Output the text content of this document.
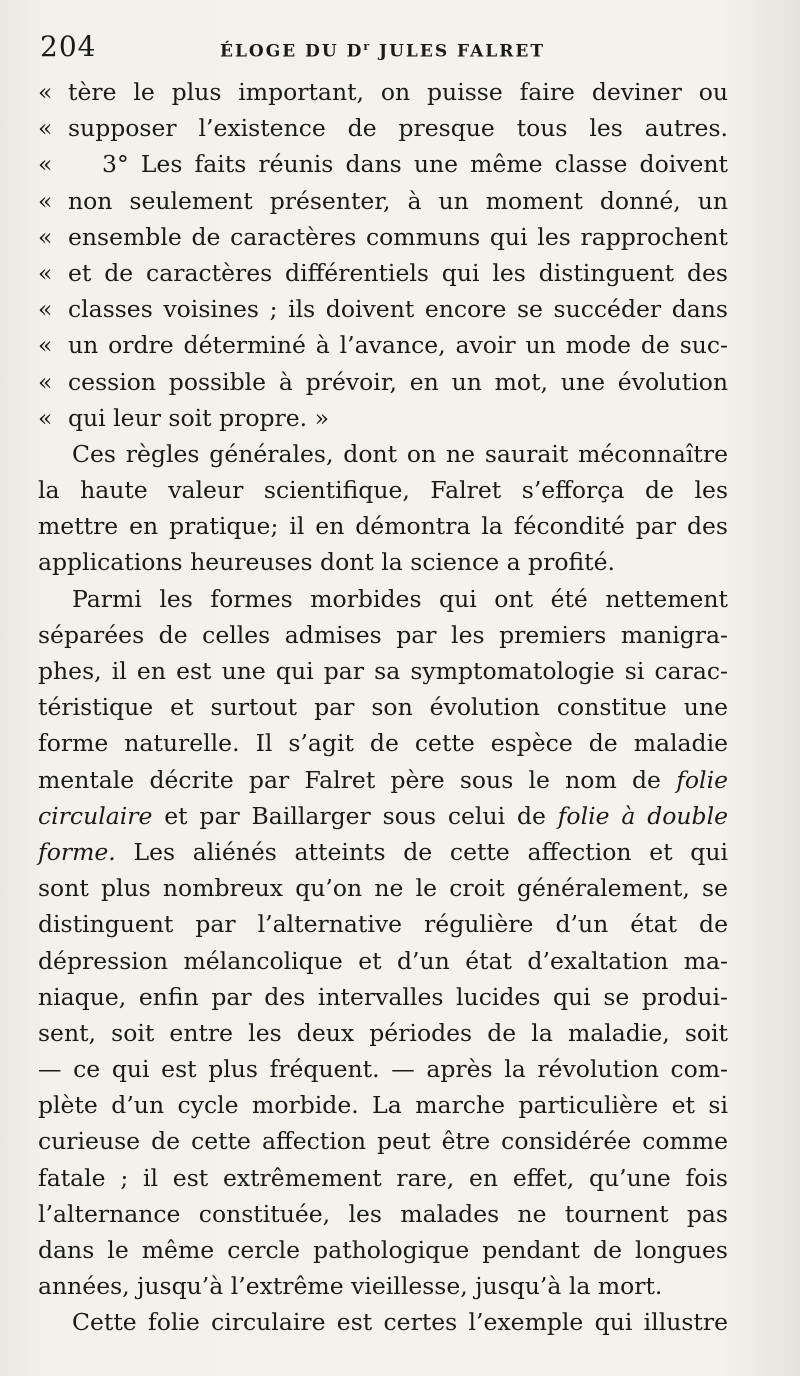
204	ÉLOGE DU $D^r$ JULES FALRET
« tère le plus important, on puisse faire deviner ou
« supposer l’existence de presque tous les autres.
« 3° Les faits réunis dans une même classe doivent
« non seulement présenter, à un moment donné, un
« ensemble de caractères communs qui les rapprochent
« et de caractères différentiels qui les distinguent des
« classes voisines ; ils doivent encore se succéder dans
« un ordre déterminé à l’avance, avoir un mode de suc-
« cession possible à prévoir, en un mot, une évolution
« qui leur soit propre. »
Ces règles générales, dont on ne saurait méconnaître
la haute valeur scientifique, Falret s’efforça de les
mettre en pratique; il en démontra la fécondité par des
applications heureuses dont la science a profité.
Parmi les formes morbides qui ont été nettement
séparées de celles admises par les premiers manigra-
phes, il en est une qui par sa symptomatologie si carac-
téristique et surtout par son évolution constitue une
forme naturelle. Il s’agit de cette espèce de maladie
mentale décrite par Falret père sous le nom de folie
circulaire et par Baillarger sous celui de folie à double
forme. Les aliénés atteints de cette affection et qui
sont plus nombreux qu’on ne le croit généralement, se
distinguent par l’alternative régulière d’un état de
dépression mélancolique et d’un état d’exaltation ma-
niaque, enfin par des intervalles lucides qui se produi-
sent, soit entre les deux périodes de la maladie, soit
— ce qui est plus fréquent. — après la révolution com-
plète d’un cycle morbide. La marche particulière et si
curieuse de cette affection peut être considérée comme
fatale ; il est extrêmement rare, en effet, qu’une fois
l’alternance constituée, les malades ne tournent pas
dans le même cercle pathologique pendant de longues
années, jusqu’à l’extrême vieillesse, jusqu’à la mort.
Cette folie circulaire est certes l’exemple qui illustre
